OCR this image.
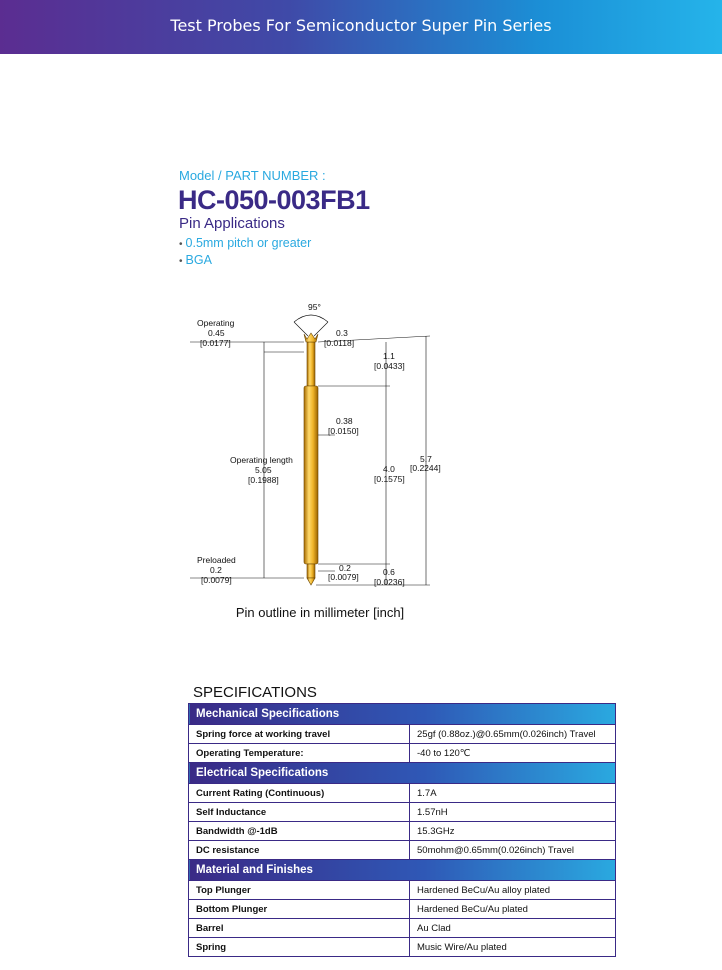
Test Probes For Semiconductor Super Pin Series
Model / PART NUMBER :
HC-050-003FB1
Pin Applications
• 0.5mm pitch or greater
• BGA
95°
Operating
0.45
[0.0177]
0.3
[0.0118]
1.1
[0.0433]
0.38
[0.0150]
Operating length
5.05
[0.1988]
4.0
[0.1575]
5.7
[0.2244]
Preloaded
0.2
[0.0079]
0.2
[0.0079]	0.6
[0.0236]
Pin outline in millimeter [inch]
SPECIFICATIONS
Mechanical Specifications	
Spring force at working travel	25gf (0.88oz.)@0.65mm(0.026inch) Travel
Operating Temperature:	-40 to 120℃
Electrical Specifications	
Current Rating (Continuous)	1.7A
Self Inductance	1.57nH
Bandwidth @-1dB	15.3GHz
DC resistance	50mohm@0.65mm(0.026inch) Travel
Material and Finishes	
Top Plunger	Hardened BeCu/Au alloy plated
Bottom Plunger	Hardened BeCu/Au plated
Barrel	Au Clad
Spring	Music Wire/Au plated
